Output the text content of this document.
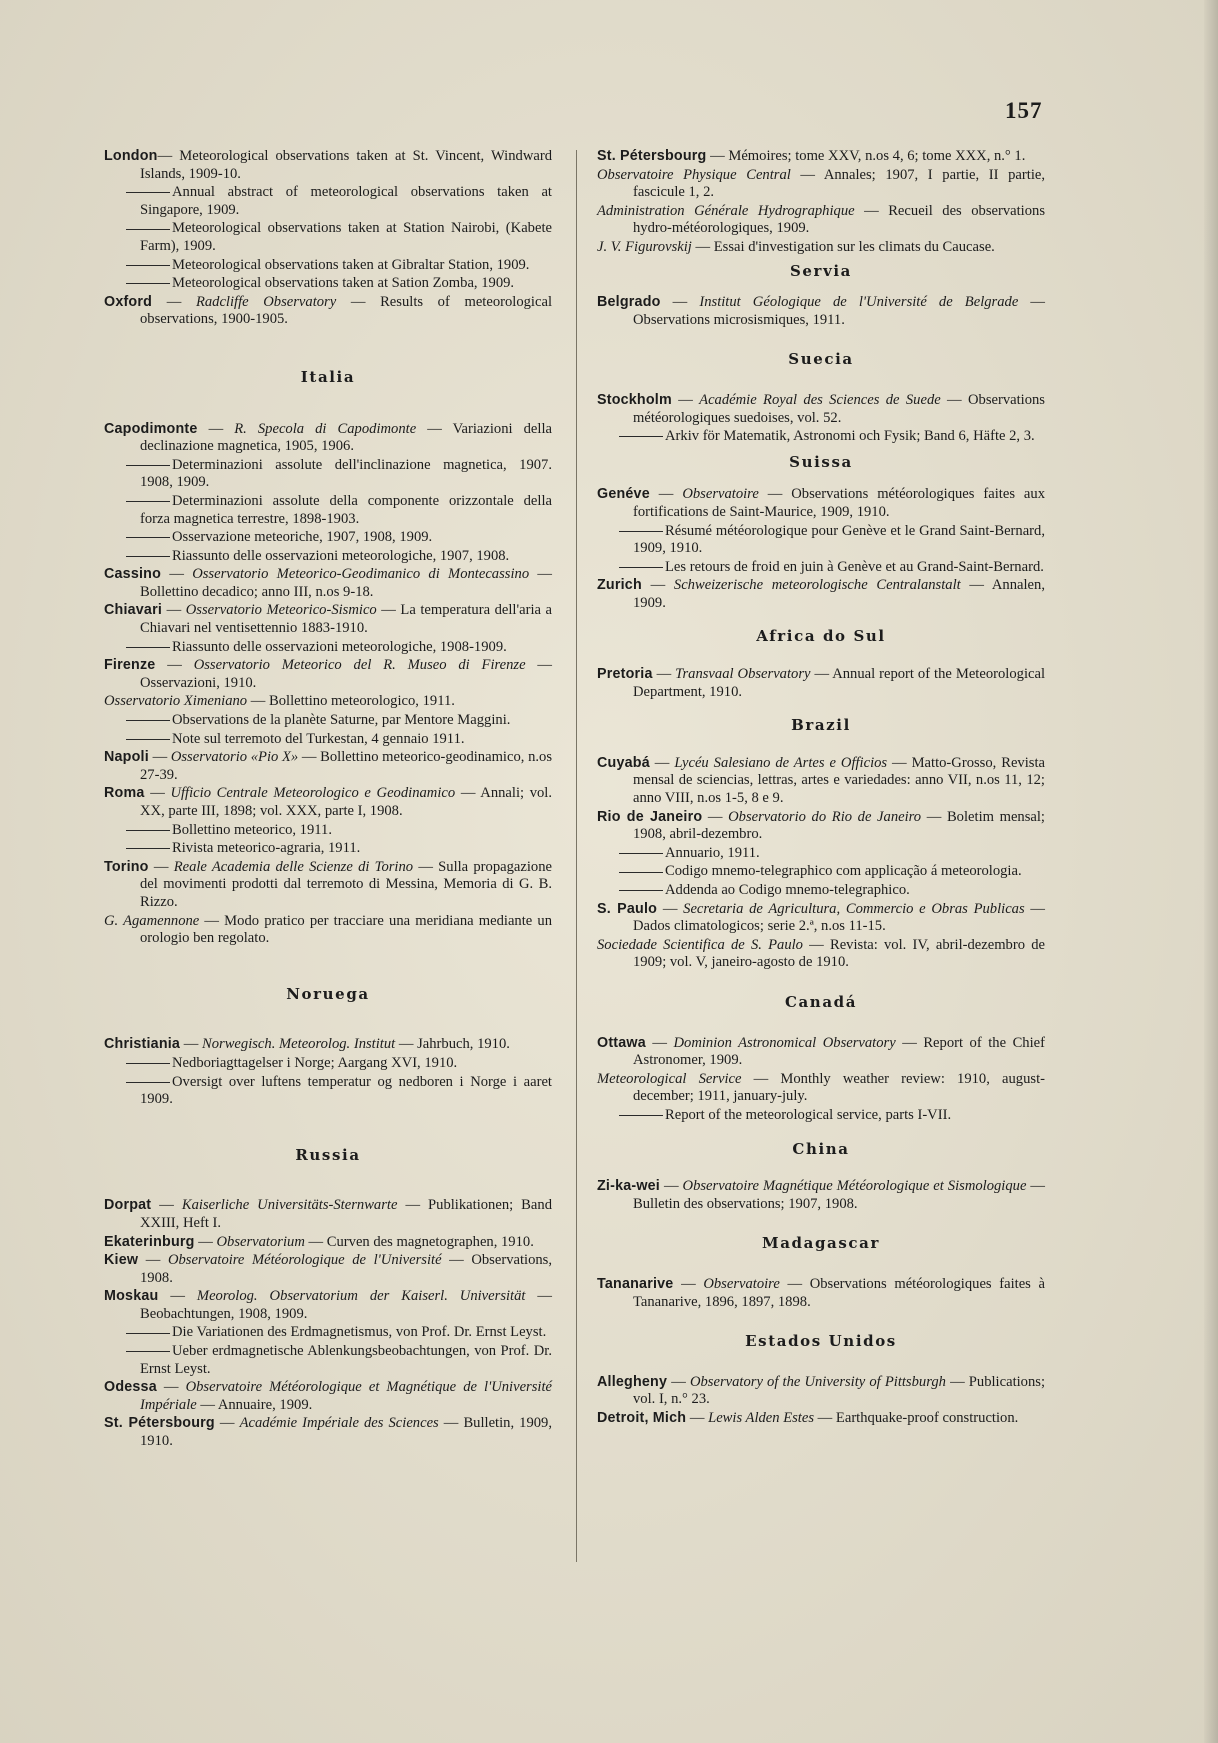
157
London— Meteorological observations taken at St. Vincent, Windward Islands, 1909-10.
Annual abstract of meteorological observations taken at Singapore, 1909.
Meteorological observations taken at Station Nairobi, (Kabete Farm), 1909.
Meteorological observations taken at Gibraltar Station, 1909.
Meteorological observations taken at Sation Zomba, 1909.
Oxford — Radcliffe Observatory — Results of meteorological observations, 1900-1905.
Italia
Capodimonte — R. Specola di Capodimonte — Variazioni della declinazione magnetica, 1905, 1906.
Determinazioni assolute dell'inclinazione magnetica, 1907. 1908, 1909.
Determinazioni assolute della componente orizzontale della forza magnetica terrestre, 1898-1903.
Osservazione meteoriche, 1907, 1908, 1909.
Riassunto delle osservazioni meteorologiche, 1907, 1908.
Cassino — Osservatorio Meteorico-Geodimanico di Montecassino — Bollettino decadico; anno III, n.os 9-18.
Chiavari — Osservatorio Meteorico-Sismico — La temperatura dell'aria a Chiavari nel ventisettennio 1883-1910.
Riassunto delle osservazioni meteorologiche, 1908-1909.
Firenze — Osservatorio Meteorico del R. Museo di Firenze — Osservazioni, 1910.
Osservatorio Ximeniano — Bollettino meteorologico, 1911.
Observations de la planète Saturne, par Mentore Maggini.
Note sul terremoto del Turkestan, 4 gennaio 1911.
Napoli — Osservatorio «Pio X» — Bollettino meteorico-geodinamico, n.os 27-39.
Roma — Ufficio Centrale Meteorologico e Geodinamico — Annali; vol. XX, parte III, 1898; vol. XXX, parte I, 1908.
Bollettino meteorico, 1911.
Rivista meteorico-agraria, 1911.
Torino — Reale Academia delle Scienze di Torino — Sulla propagazione del movimenti prodotti dal terremoto di Messina, Memoria di G. B. Rizzo.
G. Agamennone — Modo pratico per tracciare una meridiana mediante un orologio ben regolato.
Noruega
Christiania — Norwegisch. Meteorolog. Institut — Jahrbuch, 1910.
Nedboriagttagelser i Norge; Aargang XVI, 1910.
Oversigt over luftens temperatur og nedboren i Norge i aaret 1909.
Russia
Dorpat — Kaiserliche Universitäts-Sternwarte — Publikationen; Band XXIII, Heft I.
Ekaterinburg — Observatorium — Curven des magnetographen, 1910.
Kiew — Observatoire Météorologique de l'Université — Observations, 1908.
Moskau — Meorolog. Observatorium der Kaiserl. Universität — Beobachtungen, 1908, 1909.
Die Variationen des Erdmagnetismus, von Prof. Dr. Ernst Leyst.
Ueber erdmagnetische Ablenkungsbeobachtungen, von Prof. Dr. Ernst Leyst.
Odessa — Observatoire Météorologique et Magnétique de l'Université Impériale — Annuaire, 1909.
St. Pétersbourg — Académie Impériale des Sciences — Bulletin, 1909, 1910.
St. Pétersbourg — Mémoires; tome XXV, n.os 4, 6; tome XXX, n.° 1.
Observatoire Physique Central — Annales; 1907, I partie, II partie, fascicule 1, 2.
Administration Générale Hydrographique — Recueil des observations hydro-météorologiques, 1909.
J. V. Figurovskij — Essai d'investigation sur les climats du Caucase.
Servia
Belgrado — Institut Géologique de l'Université de Belgrade — Observations microsismiques, 1911.
Suecia
Stockholm — Académie Royal des Sciences de Suede — Observations météorologiques suedoises, vol. 52.
Arkiv för Matematik, Astronomi och Fysik; Band 6, Häfte 2, 3.
Suissa
Genéve — Observatoire — Observations météorologiques faites aux fortifications de Saint-Maurice, 1909, 1910.
Résumé météorologique pour Genève et le Grand Saint-Bernard, 1909, 1910.
Les retours de froid en juin à Genève et au Grand-Saint-Bernard.
Zurich — Schweizerische meteorologische Centralanstalt — Annalen, 1909.
Africa do Sul
Pretoria — Transvaal Observatory — Annual report of the Meteorological Department, 1910.
Brazil
Cuyabá — Lycéu Salesiano de Artes e Officios — Matto-Grosso, Revista mensal de sciencias, lettras, artes e variedades: anno VII, n.os 11, 12; anno VIII, n.os 1-5, 8 e 9.
Rio de Janeiro — Observatorio do Rio de Janeiro — Boletim mensal; 1908, abril-dezembro.
Annuario, 1911.
Codigo mnemo-telegraphico com applicação á meteorologia.
Addenda ao Codigo mnemo-telegraphico.
S. Paulo — Secretaria de Agricultura, Commercio e Obras Publicas — Dados climatologicos; serie 2.ª, n.os 11-15.
Sociedade Scientifica de S. Paulo — Revista: vol. IV, abril-dezembro de 1909; vol. V, janeiro-agosto de 1910.
Canadá
Ottawa — Dominion Astronomical Observatory — Report of the Chief Astronomer, 1909.
Meteorological Service — Monthly weather review: 1910, august-december; 1911, january-july.
Report of the meteorological service, parts I-VII.
China
Zi-ka-wei — Observatoire Magnétique Météorologique et Sismologique — Bulletin des observations; 1907, 1908.
Madagascar
Tananarive — Observatoire — Observations météorologiques faites à Tananarive, 1896, 1897, 1898.
Estados Unidos
Allegheny — Observatory of the University of Pittsburgh — Publications; vol. I, n.° 23.
Detroit, Mich — Lewis Alden Estes — Earthquake-proof construction.
